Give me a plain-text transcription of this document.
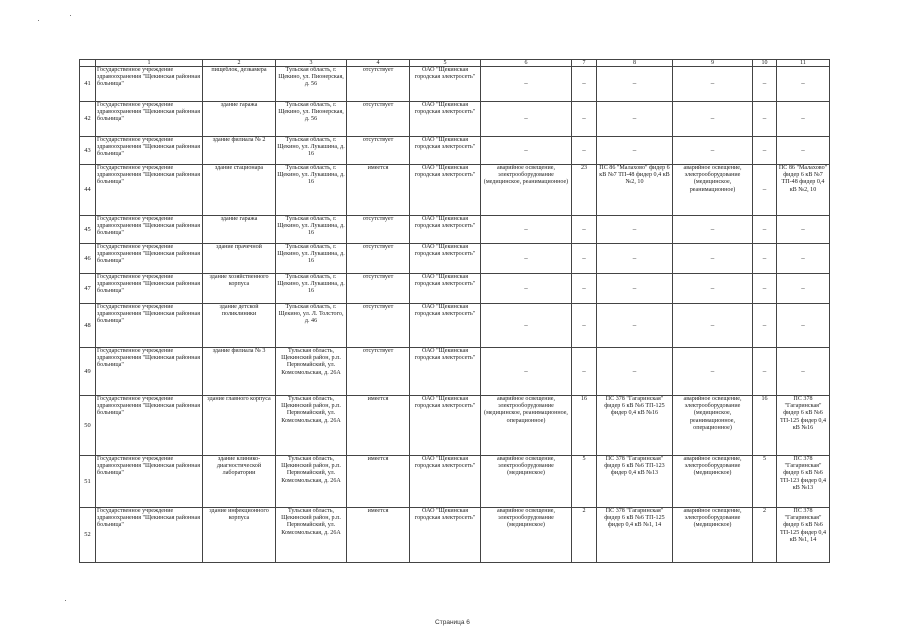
	1	2	3	4	5	6	7	8	9	10	11
41	Государственное учреждение здравоохранения "Щекинская районная больница"	пищеблок, дезкамера	Тульская область, г. Щекино, ул. Пионерская, д. 56	отсутствует	ОАО "Щекинская городская электросеть"	–	–	–	–	–	–
42	Государственное учреждение здравоохранения "Щекинская районная больница"	здание гаража	Тульская область, г. Щекино, ул. Пионерская, д. 56	отсутствует	ОАО "Щекинская городская электросеть"	–	–	–	–	–	–
43	Государственное учреждение здравоохранения "Щекинская районная больница"	здание филиала № 2	Тульская область, г. Щекино, ул. Лукашина, д. 16	отсутствует	ОАО "Щекинская городская электросеть"	–	–	–	–	–	–
44	Государственное учреждение здравоохранения "Щекинская районная больница"	здание стационара	Тульская область, г. Щекино, ул. Лукашина, д. 16	имеется	ОАО "Щекинская городская электросеть"	аварийное освещение, электрооборудование (медицинское, реанимационное)	23	ПС 86 "Малахово" фидер 6 кВ №7 ТП-48 фидер 0,4 кВ №2, 10	аварийное освещение, электрооборудование (медицинское, реанимационное)	–	ПС 86 "Малахово" фидер 6 кВ №7 ТП-48 фидер 0,4 кВ №2, 10
45	Государственное учреждение здравоохранения "Щекинская районная больница"	здание гаража	Тульская область, г. Щекино, ул. Лукашина, д. 16	отсутствует	ОАО "Щекинская городская электросеть"	–	–	–	–	–	–
46	Государственное учреждение здравоохранения "Щекинская районная больница"	здание прачечной	Тульская область, г. Щекино, ул. Лукашина, д. 16	отсутствует	ОАО "Щекинская городская электросеть"	–	–	–	–	–	–
47	Государственное учреждение здравоохранения "Щекинская районная больница"	здание хозяйственного корпуса	Тульская область, г. Щекино, ул. Лукашина, д. 16	отсутствует	ОАО "Щекинская городская электросеть"	–	–	–	–	–	–
48	Государственное учреждение здравоохранения "Щекинская районная больница"	здание детской поликлиники	Тульская область, г. Щекино, ул. Л. Толстого, д. 46	отсутствует	ОАО "Щекинская городская электросеть"	–	–	–	–	–	–
49	Государственное учреждение здравоохранения "Щекинская районная больница"	здание филиала № 3	Тульская область, Щекинский район, р.п. Первомайский, ул. Комсомольская, д. 26А	отсутствует	ОАО "Щекинская городская электросеть"	–	–	–	–	–	–
50	Государственное учреждение здравоохранения "Щекинская районная больница"	здание главного корпуса	Тульская область, Щекинский район, р.п. Первомайский, ул. Комсомольская, д. 26А	имеется	ОАО "Щекинская городская электросеть"	аварийное освещение, электрооборудование (медицинское, реанимационное, операционное)	16	ПС 378 "Гагаринская" фидер 6 кВ №6 ТП-125 фидер 0,4 кВ №16	аварийное освещение, электрооборудование (медицинское, реанимационное, операционное)	16	ПС 378 "Гагаринская" фидер 6 кВ №6 ТП-125 фидер 0,4 кВ №16
51	Государственное учреждение здравоохранения "Щекинская районная больница"	здание клинико-диагностической лаборатории	Тульская область, Щекинский район, р.п. Первомайский, ул. Комсомольская, д. 26А	имеется	ОАО "Щекинская городская электросеть"	аварийное освещение, электрооборудование (медицинское)	5	ПС 378 "Гагаринская" фидер 6 кВ №6 ТП-123 фидер 0,4 кВ №13	аварийное освещение, электрооборудование (медицинское)	5	ПС 378 "Гагаринская" фидер 6 кВ №6 ТП-123 фидер 0,4 кВ №13
52	Государственное учреждение здравоохранения "Щекинская районная больница"	здание инфекционного корпуса	Тульская область, Щекинский район, р.п. Первомайский, ул. Комсомольская, д. 26А	имеется	ОАО "Щекинская городская электросеть"	аварийное освещение, электрооборудование (медицинское)	2	ПС 378 "Гагаринская" фидер 6 кВ №6 ТП-125 фидер 0,4 кВ №1, 14	аварийное освещение, электрооборудование (медицинское)	2	ПС 378 "Гагаринская" фидер 6 кВ №6 ТП-125 фидер 0,4 кВ №1, 14
Страница 6
